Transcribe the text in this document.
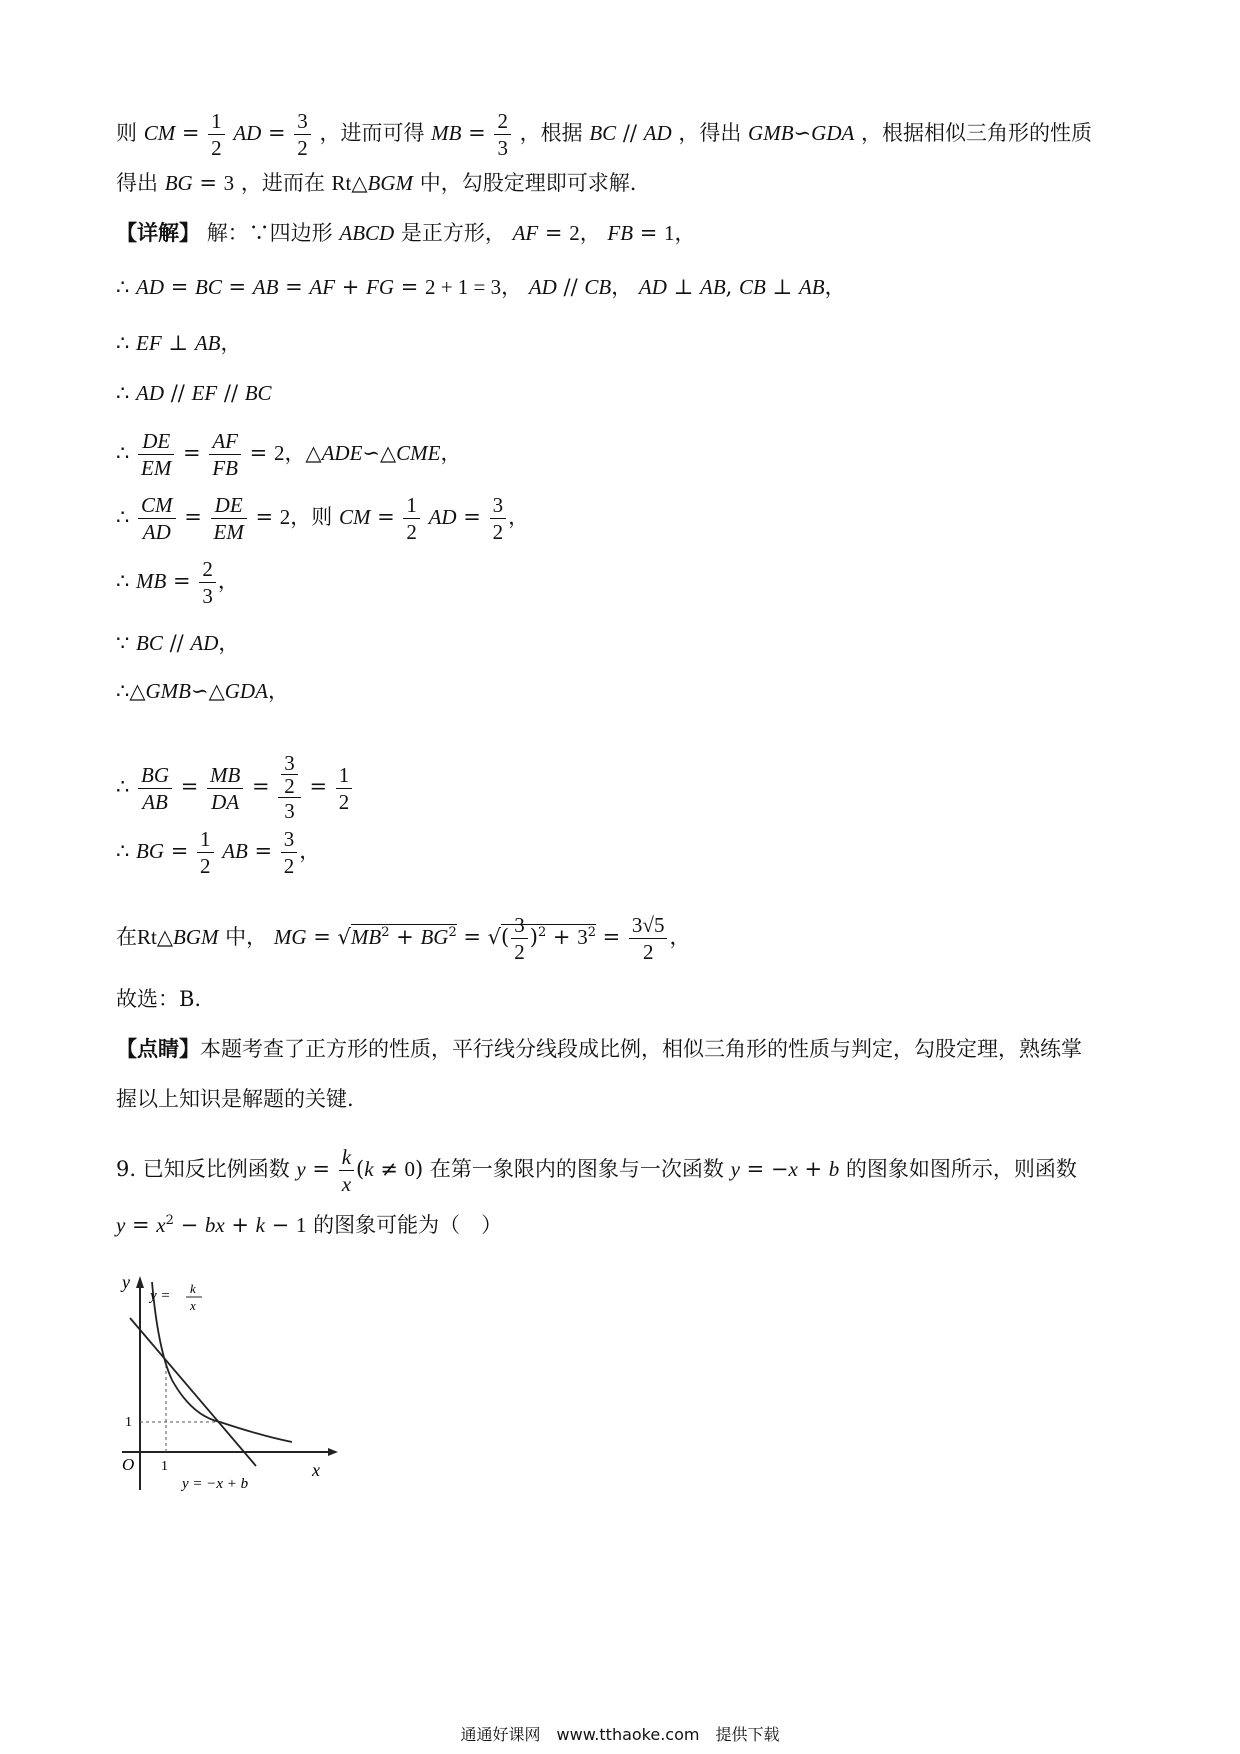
则 CM = $\frac{1}{2}$ AD = $\frac{3}{2}$ ，进而可得 MB = $\frac{2}{3}$ ，根据 BC // AD ，得出 GMB∽GDA ，根据相似三角形的性质
得出 BG = 3 ，进而在 Rt△BGM 中，勾股定理即可求解.
【详解】 解：∵四边形 ABCD 是正方形， AF = 2， FB = 1，
∴ AD = BC = AB = AF + FG = 2 + 1 = 3， AD // CB， AD ⊥ AB, CB ⊥ AB，
∴ EF ⊥ AB，
∴ AD // EF // BC
∴ $\frac{DE}{EM} = \frac{AF}{FB} = 2$，△ADE∽△CME，
∴ $\frac{CM}{AD} = \frac{DE}{EM} = 2$，则 CM = $\frac{1}{2}$ AD = $\frac{3}{2}$ ，
∴ MB = $\frac{2}{3}$ ，
∵ BC // AD，
∴△GMB∽△GDA，
∴ $\frac{BG}{AB} = \frac{MB}{DA} = \frac{\frac{3}{2}}{3} = \frac{1}{2}$
∴ BG = $\frac{1}{2}$ AB = $\frac{3}{2}$ ，
在Rt△BGM 中， MG = $√MB^2 + BG^2$ = √( $\frac{3}{2} )^2 + 3^2 = \frac{3√5}{2}$ ，
故选：B.
【点睛】本题考查了正方形的性质，平行线分线段成比例，相似三角形的性质与判定，勾股定理，熟练掌
握以上知识是解题的关键.
9. 已知反比例函数 $y = \frac{k}{x} (k \ne 0)$ 在第一象限内的图象与一次函数 y = −x + b 的图象如图所示，则函数
$y = x^2$ − bx + k − 1 的图象可能为（　）
y
x
O 1
1
y = k
x
y = −x + b
通通好课网　www.tthaoke.com　提供下载
